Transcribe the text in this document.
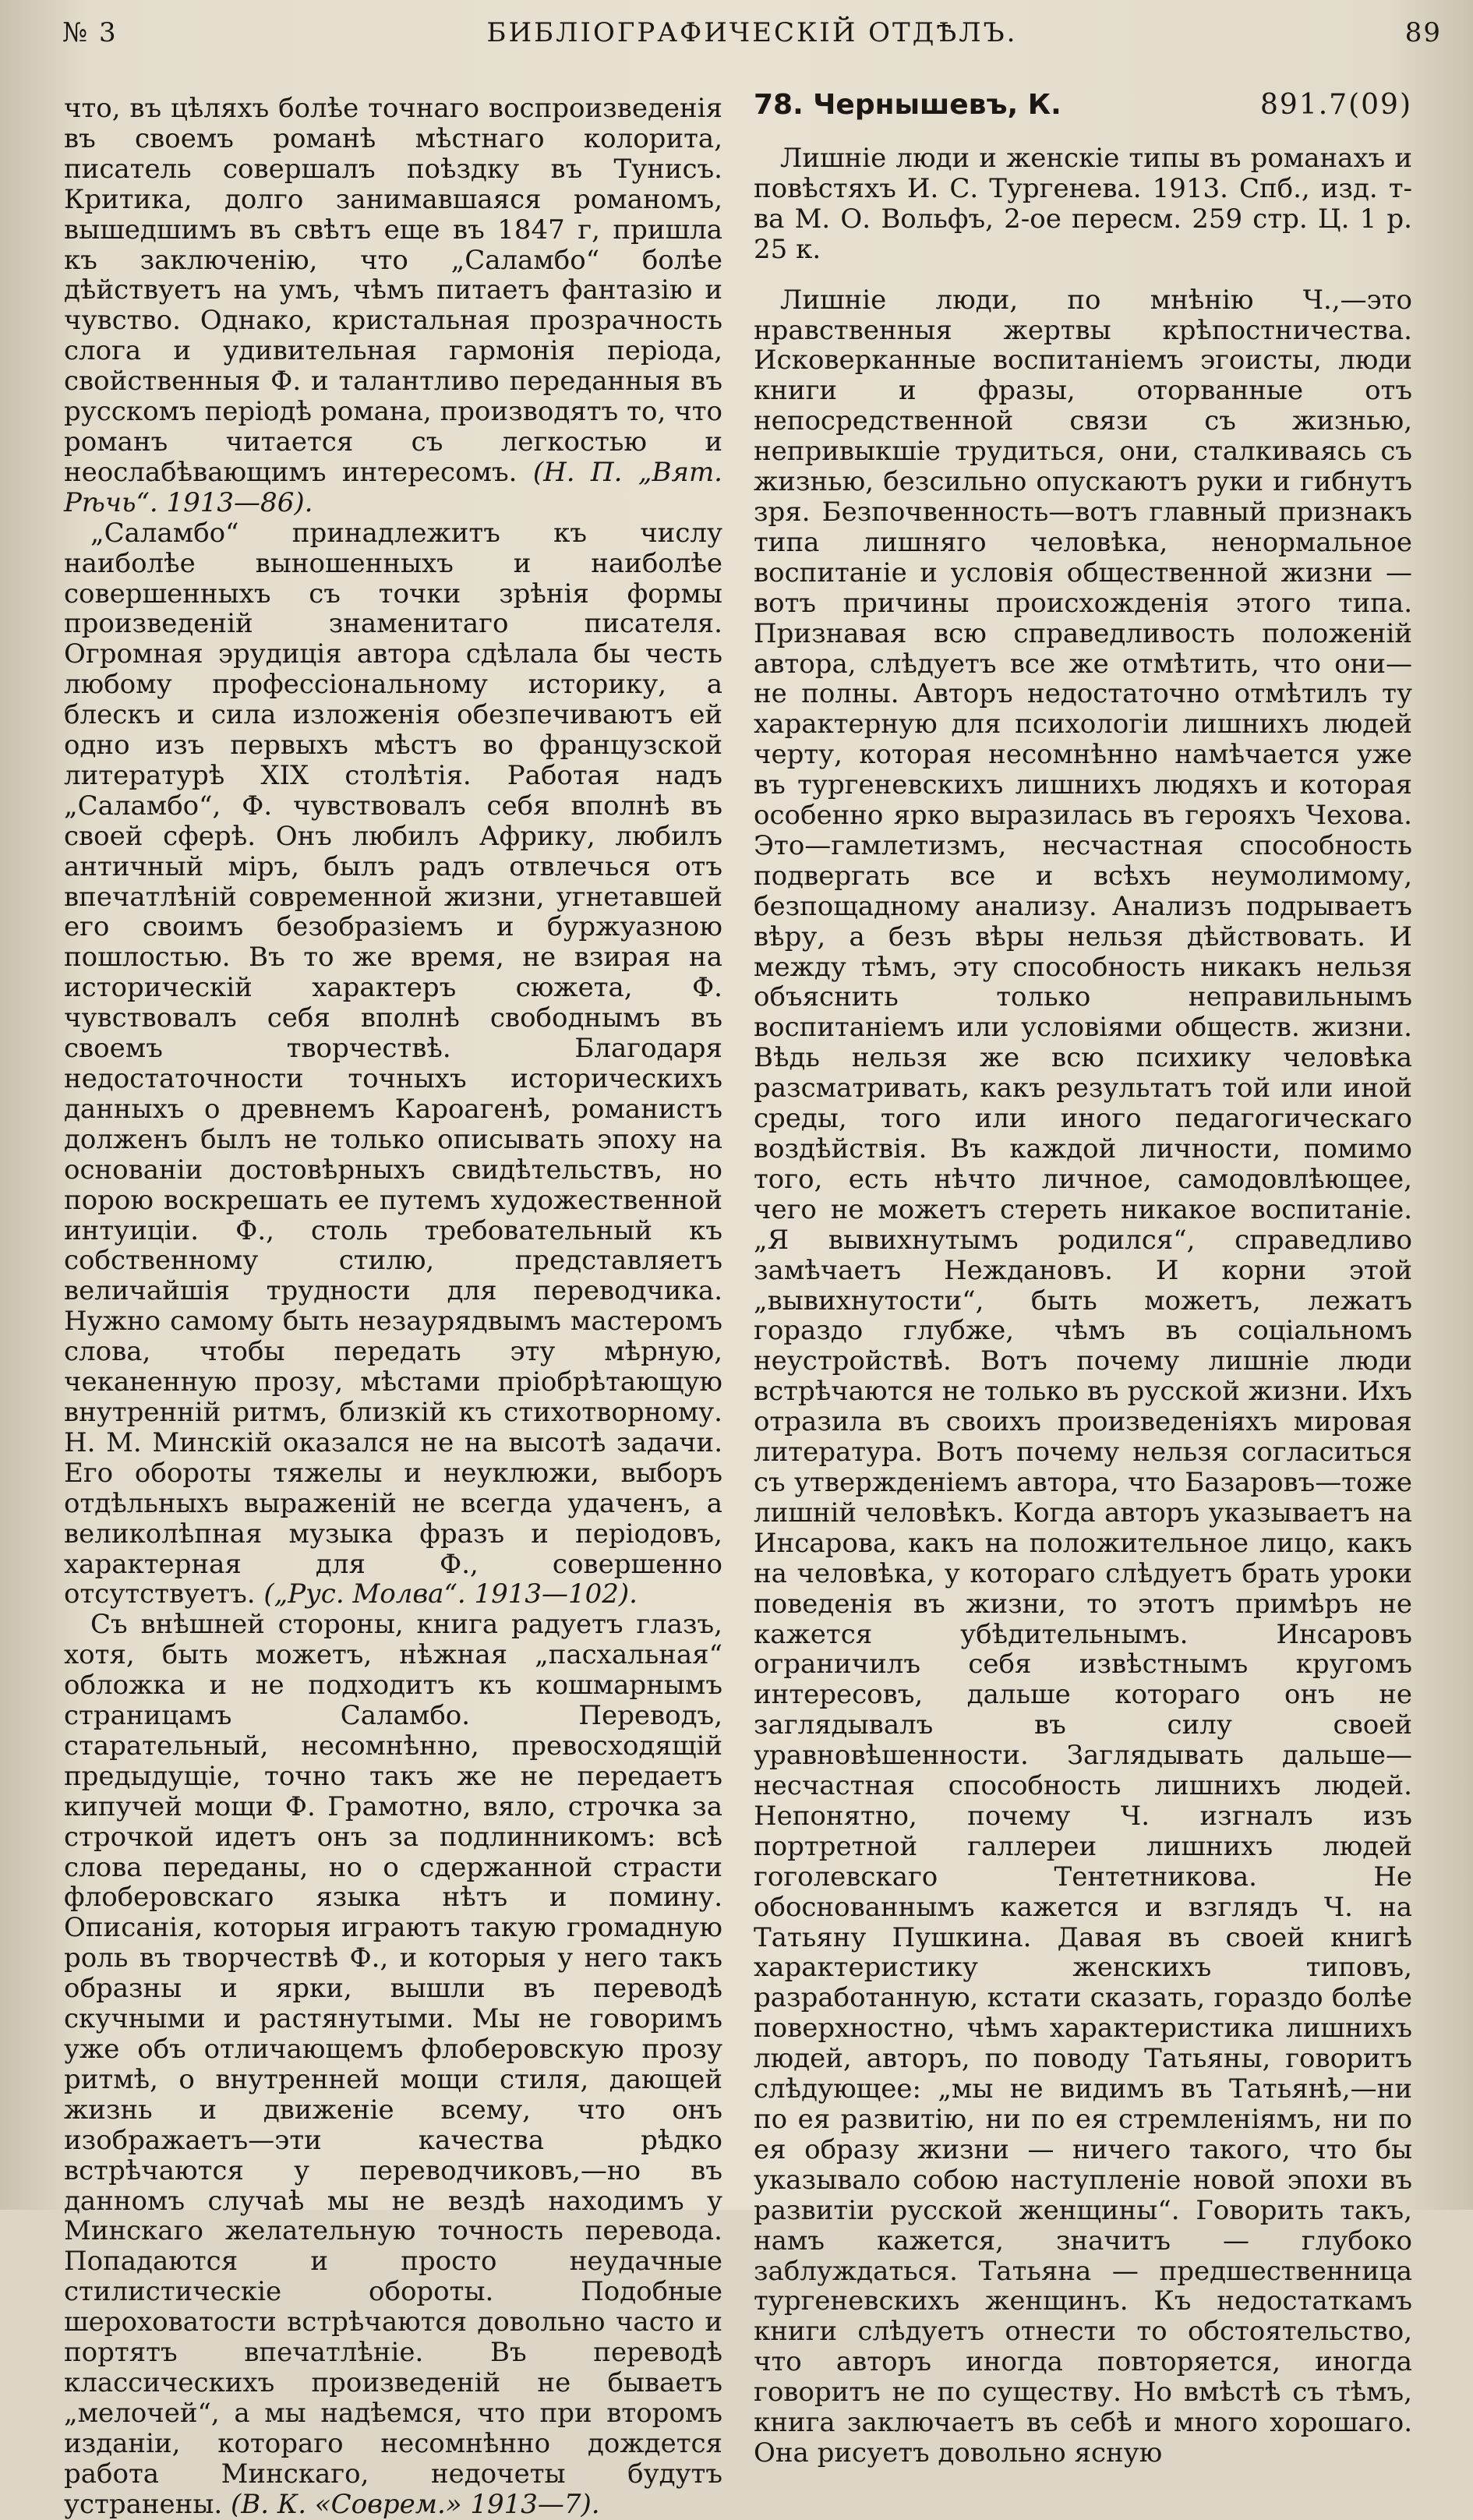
№ 3	БИБЛІОГРАФИЧЕСКІЙ ОТДѢЛЪ.	89

что, въ цѣляхъ болѣе точнаго воспроизведенія въ своемъ романѣ мѣстнаго колорита, писатель совершалъ поѣздку въ Тунисъ. Критика, долго занимавшаяся романомъ, вышедшимъ въ свѣтъ еще въ 1847 г, пришла къ заключенію, что „Саламбо“ болѣе дѣйствуетъ на умъ, чѣмъ питаетъ фантазію и чувство. Однако, кристальная прозрачность слога и удивительная гармонія періода, свойственныя Ф. и талантливо переданныя въ русскомъ періодѣ романа, производятъ то, что романъ читается съ легкостью и неослабѣвающимъ интересомъ. (Н. П. „Вят. Рѣчь“. 1913—86).

„Саламбо“ принадлежитъ къ числу наиболѣе выношенныхъ и наиболѣе совершенныхъ съ точки зрѣнія формы произведеній знаменитаго писателя. Огромная эрудиція автора сдѣлала бы честь любому профессіональному историку, а блескъ и сила изложенія обезпечиваютъ ей одно изъ первыхъ мѣстъ во французской литературѣ XIX столѣтія. Работая надъ „Саламбо“, Ф. чувствовалъ себя вполнѣ въ своей сферѣ. Онъ любилъ Африку, любилъ античный міръ, былъ радъ отвлечься отъ впечатлѣній современной жизни, угнетавшей его своимъ безобразіемъ и буржуазною пошлостью. Въ то же время, не взирая на историческій характеръ сюжета, Ф. чувствовалъ себя вполнѣ свободнымъ въ своемъ творчествѣ. Благодаря недостаточности точныхъ историческихъ данныхъ о древнемъ Кароагенѣ, романистъ долженъ былъ не только описывать эпоху на основаніи достовѣрныхъ свидѣтельствъ, но порою воскрешать ее путемъ художественной интуиціи. Ф., столь требовательный къ собственному стилю, представляетъ величайшія трудности для переводчика. Нужно самому быть незаурядвымъ мастеромъ слова, чтобы передать эту мѣрную, чеканенную прозу, мѣстами пріобрѣтающую внутренній ритмъ, близкій къ стихотворному. Н. М. Минскій оказался не на высотѣ задачи. Его обороты тяжелы и неуклюжи, выборъ отдѣльныхъ выраженій не всегда удаченъ, а великолѣпная музыка фразъ и періодовъ, характерная для Ф., совершенно отсутствуетъ. („Рус. Молва“. 1913—102).

Съ внѣшней стороны, книга радуетъ глазъ, хотя, быть можетъ, нѣжная „пасхальная“ обложка и не подходитъ къ кошмарнымъ страницамъ Саламбо. Переводъ, старательный, несомнѣнно, превосходящій предыдущіе, точно такъ же не передаетъ кипучей мощи Ф. Грамотно, вяло, строчка за строчкой идетъ онъ за подлинникомъ: всѣ слова переданы, но о сдержанной страсти флоберовскаго языка нѣтъ и помину. Описанія, которыя играютъ такую громадную роль въ творчествѣ Ф., и которыя у него такъ образны и ярки, вышли въ переводѣ скучными и растянутыми. Мы не говоримъ уже объ отличающемъ флоберовскую прозу ритмѣ, о внутренней мощи стиля, дающей жизнь и движеніе всему, что онъ изображаетъ—эти качества рѣдко встрѣчаются у переводчиковъ,—но въ данномъ случаѣ мы не вездѣ находимъ у Минскаго желательную точность перевода. Попадаются и просто неудачные стилистическіе обороты. Подобные шероховатости встрѣчаются довольно часто и портятъ впечатлѣніе. Въ переводѣ классическихъ произведеній не бываетъ „мелочей“, а мы надѣемся, что при второмъ изданіи, которaго несомнѣнно дождется работа Минскаго, недочеты будутъ устранены. (В. К. «Соврем.» 1913—7).

78. Чернышевъ, К.	891.7(09)

Лишніе люди и женскіе типы въ романахъ и повѣстяхъ И. С. Тургенева. 1913. Спб., изд. т-ва М. О. Вольфъ, 2-ое пересм. 259 стр. Ц. 1 р. 25 к.

Лишніе люди, по мнѣнію Ч.,—это нравственныя жертвы крѣпостничества. Исковерканные воспитаніемъ эгоисты, люди книги и фразы, оторванные отъ непосредственной связи съ жизнью, непривыкшіе трудиться, они, сталкиваясь съ жизнью, безсильно опускаютъ руки и гибнутъ зря. Безпочвенность—вотъ главный признакъ типа лишняго человѣка, ненормальное воспитаніе и условія общественной жизни — вотъ причины происхожденія этого типа. Признавая всю справедливость положеній автора, слѣдуетъ все же отмѣтить, что они—не полны. Авторъ недостаточно отмѣтилъ ту характерную для психологіи лишнихъ людей черту, которая несомнѣнно намѣчается уже въ тургеневскихъ лишнихъ людяхъ и которая особенно ярко выразилась въ герояхъ Чехова. Это—гамлетизмъ, несчастная способность подвергать все и всѣхъ неумолимому, безпощадному анализу. Анализъ подрываетъ вѣру, а безъ вѣры нельзя дѣйствовать. И между тѣмъ, эту способность никакъ нельзя объяснить только неправильнымъ воспитаніемъ или условіями обществ. жизни. Вѣдь нельзя же всю психику человѣка разсматривать, какъ результатъ той или иной среды, того или иного педагогическаго воздѣйствія. Въ каждой личности, помимо того, есть нѣчто личное, самодовлѣющее, чего не можетъ стереть никакое воспитаніе. „Я вывихнутымъ родился“, справедливо замѣчаетъ Неждановъ. И корни этой „вывихнутости“, быть можетъ, лежатъ гораздо глубже, чѣмъ въ соціальномъ неустройствѣ. Вотъ почему лишніе люди встрѣчаются не только въ русской жизни. Ихъ отразила въ своихъ произведеніяхъ мировая литература. Вотъ почему нельзя согласиться съ утвержденіемъ автора, что Базаровъ—тоже лишній человѣкъ. Когда авторъ указываетъ на Инсарова, какъ на положительное лицо, какъ на человѣка, у котораго слѣдуетъ брать уроки поведенія въ жизни, то этотъ примѣръ не кажется убѣдительнымъ. Инсаровъ ограничилъ себя извѣстнымъ кругомъ интересовъ, дальше котораго онъ не заглядывалъ въ силу своей уравновѣшенности. Заглядывать дальше—несчастная способность лишнихъ людей. Непонятно, почему Ч. изгналъ изъ портретной галлереи лишнихъ людей гоголевскаго Тентетникова. Не обоснованнымъ кажется и взглядъ Ч. на Татьяну Пушкина. Давая въ своей книгѣ характеристику женскихъ типовъ, разработанную, кстати сказать, гораздо болѣе поверхностно, чѣмъ характеристика лишнихъ людей, авторъ, по поводу Татьяны, говоритъ слѣдующее: „мы не видимъ въ Татьянѣ,—ни по ея развитію, ни по ея стремленіямъ, ни по ея образу жизни — ничего такого, что бы указывало собою наступленіе новой эпохи въ развитіи русской женщины“. Говорить такъ, намъ кажется, значитъ — глубоко заблуждаться. Татьяна — предшественница тургеневскихъ женщинъ. Къ недостаткамъ книги слѣдуетъ отнести то обстоятельство, что авторъ иногда повторяется, иногда говоритъ не по существу. Но вмѣстѣ съ тѣмъ, книга заключаетъ въ себѣ и много хорошаго. Она рисуетъ довольно ясную
